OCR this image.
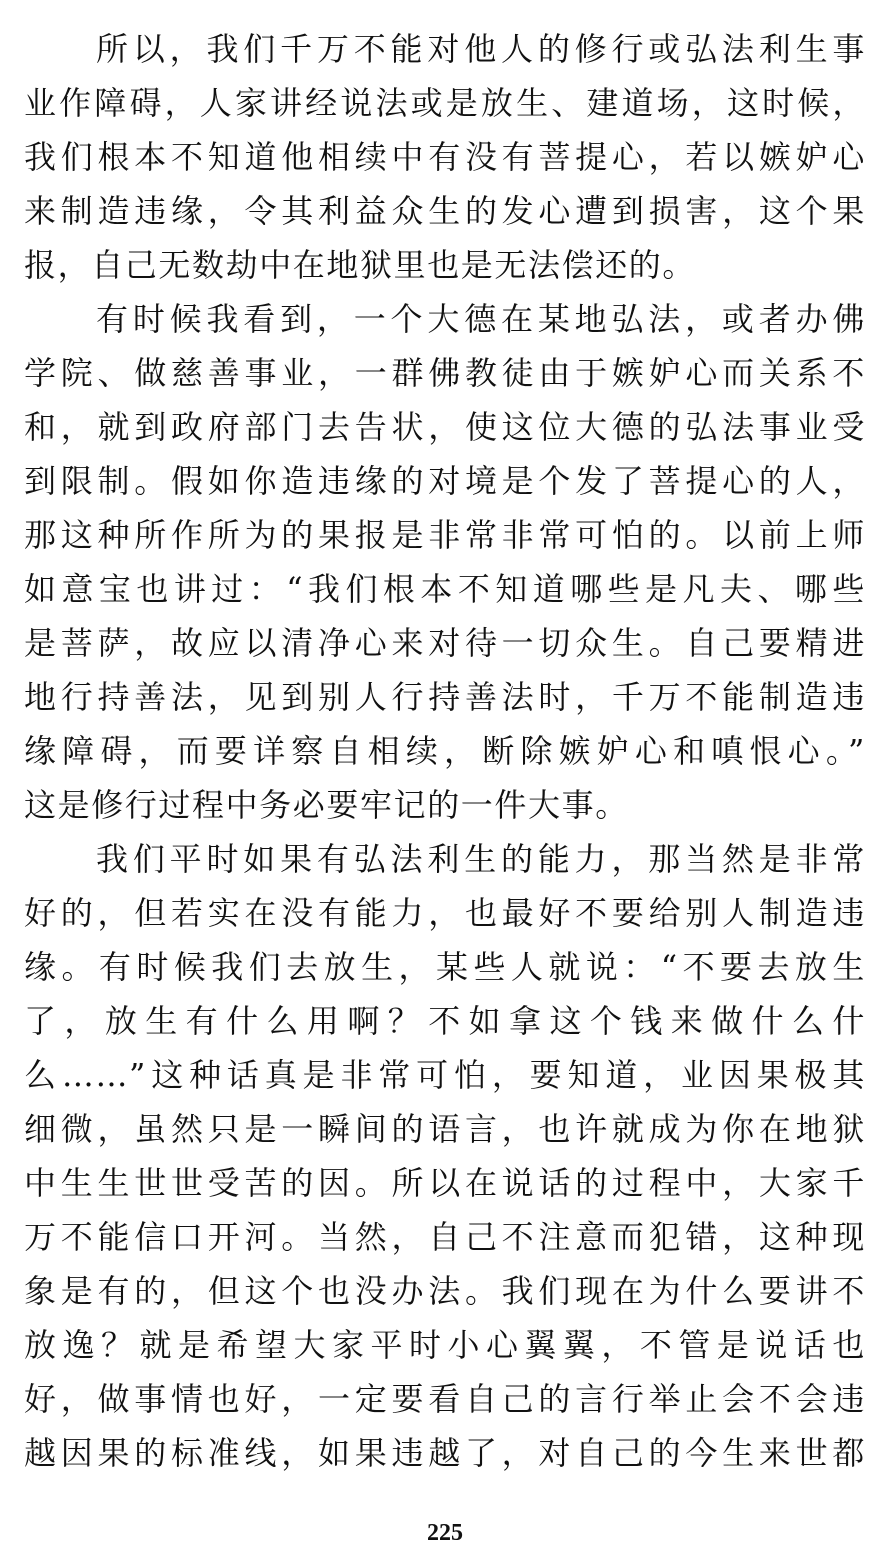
所以，我们千万不能对他人的修行或弘法利生事
业作障碍，人家讲经说法或是放生、建道场，这时候，
我们根本不知道他相续中有没有菩提心，若以嫉妒心
来制造违缘，令其利益众生的发心遭到损害，这个果
报，自己无数劫中在地狱里也是无法偿还的。
有时候我看到，一个大德在某地弘法，或者办佛
学院、做慈善事业，一群佛教徒由于嫉妒心而关系不
和，就到政府部门去告状，使这位大德的弘法事业受
到限制。假如你造违缘的对境是个发了菩提心的人，
那这种所作所为的果报是非常非常可怕的。以前上师
如意宝也讲过：“我们根本不知道哪些是凡夫、哪些
是菩萨，故应以清净心来对待一切众生。自己要精进
地行持善法，见到别人行持善法时，千万不能制造违
缘障碍，而要详察自相续，断除嫉妒心和嗔恨心。”
这是修行过程中务必要牢记的一件大事。
我们平时如果有弘法利生的能力，那当然是非常
好的，但若实在没有能力，也最好不要给别人制造违
缘。有时候我们去放生，某些人就说：“不要去放生
了，放生有什么用啊？不如拿这个钱来做什么什
么……”这种话真是非常可怕，要知道，业因果极其
细微，虽然只是一瞬间的语言，也许就成为你在地狱
中生生世世受苦的因。所以在说话的过程中，大家千
万不能信口开河。当然，自己不注意而犯错，这种现
象是有的，但这个也没办法。我们现在为什么要讲不
放逸？就是希望大家平时小心翼翼，不管是说话也
好，做事情也好，一定要看自己的言行举止会不会违
越因果的标准线，如果违越了，对自己的今生来世都
225
